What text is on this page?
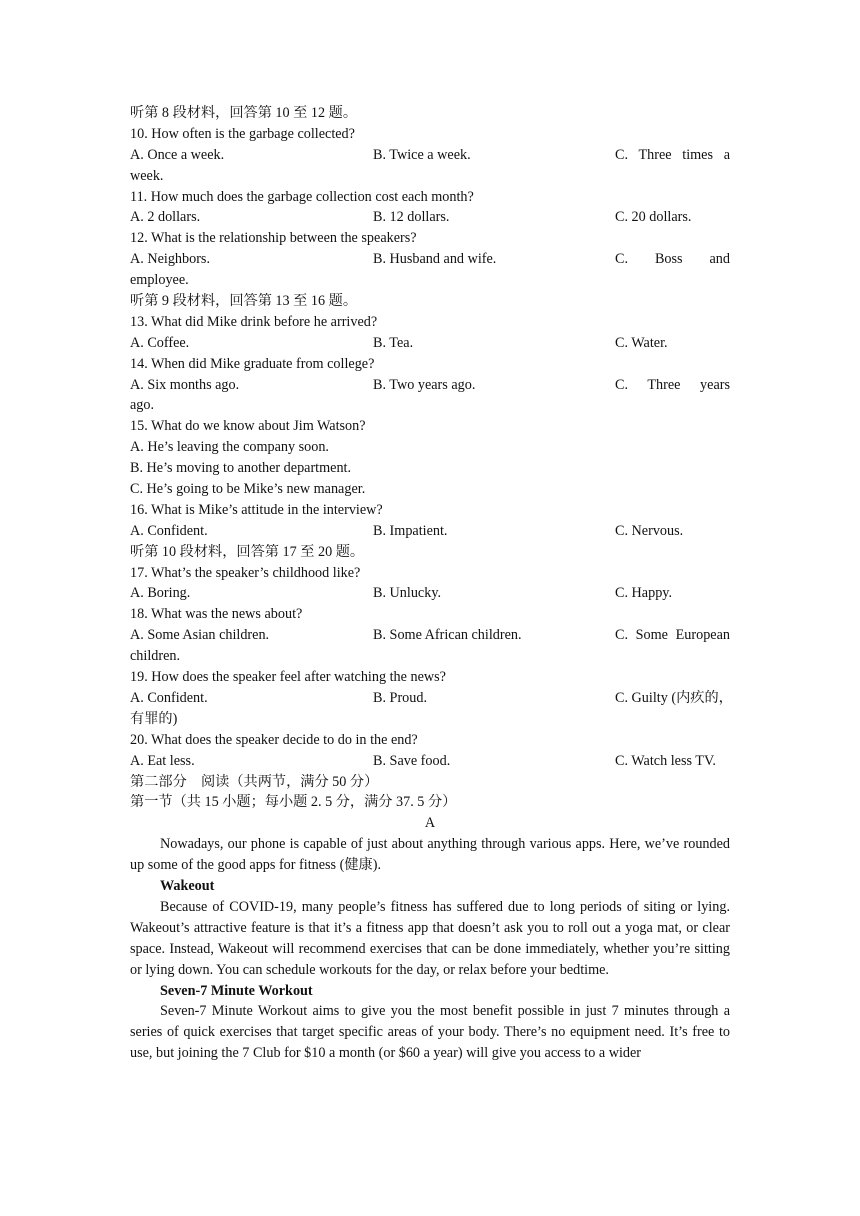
听第 8 段材料，回答第 10 至 12 题。
10. How often is the garbage collected?
A. Once a week.	B. Twice a week.	C. Three times a
week.
11. How much does the garbage collection cost each month?
A. 2 dollars.	B. 12 dollars.	C. 20 dollars.
12. What is the relationship between the speakers?
A. Neighbors.	B. Husband and wife.	C. Boss and
employee.
听第 9 段材料，回答第 13 至 16 题。
13. What did Mike drink before he arrived?
A. Coffee.	B. Tea.	C. Water.
14. When did Mike graduate from college?
A. Six months ago.	B. Two years ago.	C. Three years
ago.
15. What do we know about Jim Watson?
A. He’s leaving the company soon.
B. He’s moving to another department.
C. He’s going to be Mike’s new manager.
16. What is Mike’s attitude in the interview?
A. Confident.	B. Impatient.	C. Nervous.
听第 10 段材料，回答第 17 至 20 题。
17. What’s the speaker’s childhood like?
A. Boring.	B. Unlucky.	C. Happy.
18. What was the news about?
A. Some Asian children.	B. Some African children.	C. Some European
children.
19. How does the speaker feel after watching the news?
A. Confident.	B. Proud.	C. Guilty (内疚的，
有罪的)
20. What does the speaker decide to do in the end?
A. Eat less.	B. Save food.	C. Watch less TV.
第二部分　阅读（共两节，满分 50 分）
第一节（共 15 小题；每小题 2. 5 分，满分 37. 5 分）
A

Nowadays, our phone is capable of just about anything through various apps. Here, we’ve rounded up some of the good apps for fitness (健康).

Wakeout

Because of COVID-19, many people’s fitness has suffered due to long periods of siting or lying. Wakeout’s attractive feature is that it’s a fitness app that doesn’t ask you to roll out a yoga mat, or clear space. Instead, Wakeout will recommend exercises that can be done immediately, whether you’re sitting or lying down. You can schedule workouts for the day, or relax before your bedtime.

Seven-7 Minute Workout

Seven-7 Minute Workout aims to give you the most benefit possible in just 7 minutes through a series of quick exercises that target specific areas of your body. There’s no equipment need. It’s free to use, but joining the 7 Club for $10 a month (or $60 a year) will give you access to a wider
